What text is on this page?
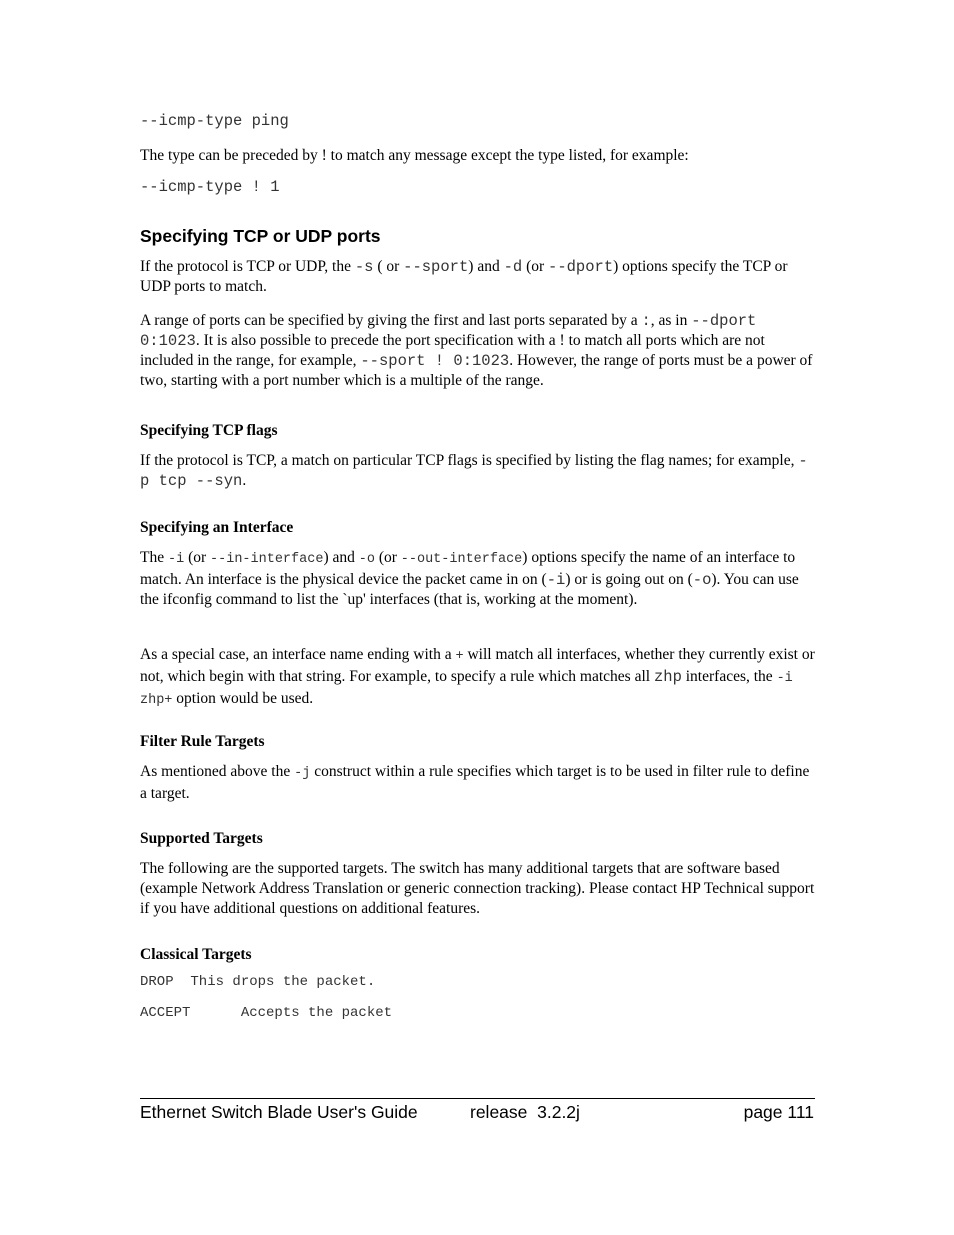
--icmp-type ping

The type can be preceded by ! to match any message except the type listed, for example:

--icmp-type ! 1

Specifying TCP or UDP ports

If the protocol is TCP or UDP, the -s ( or --sport) and -d (or --dport) options specify the TCP or UDP ports to match.

A range of ports can be specified by giving the first and last ports separated by a :, as in --dport 0:1023. It is also possible to precede the port specification with a ! to match all ports which are not included in the range, for example, --sport ! 0:1023. However, the range of ports must be a power of two, starting with a port number which is a multiple of the range.

Specifying TCP flags

If the protocol is TCP, a match on particular TCP flags is specified by listing the flag names; for example, -p tcp --syn.

Specifying an Interface

The -i (or --in-interface) and -o (or --out-interface) options specify the name of an interface to match. An interface is the physical device the packet came in on (-i) or is going out on (-o). You can use the ifconfig command to list the `up' interfaces (that is, working at the moment).

As a special case, an interface name ending with a + will match all interfaces, whether they currently exist or not, which begin with that string. For example, to specify a rule which matches all zhp interfaces, the -i zhp+ option would be used.

Filter Rule Targets

As mentioned above the -j construct within a rule specifies which target is to be used in filter rule to define a target.

Supported Targets

The following are the supported targets. The switch has many additional targets that are software based (example Network Address Translation or generic connection tracking). Please contact HP Technical support if you have additional questions on additional features.

Classical Targets

DROP  This drops the packet.

ACCEPT      Accepts the packet

Ethernet Switch Blade User's Guide	release  3.2.2j	page 111
